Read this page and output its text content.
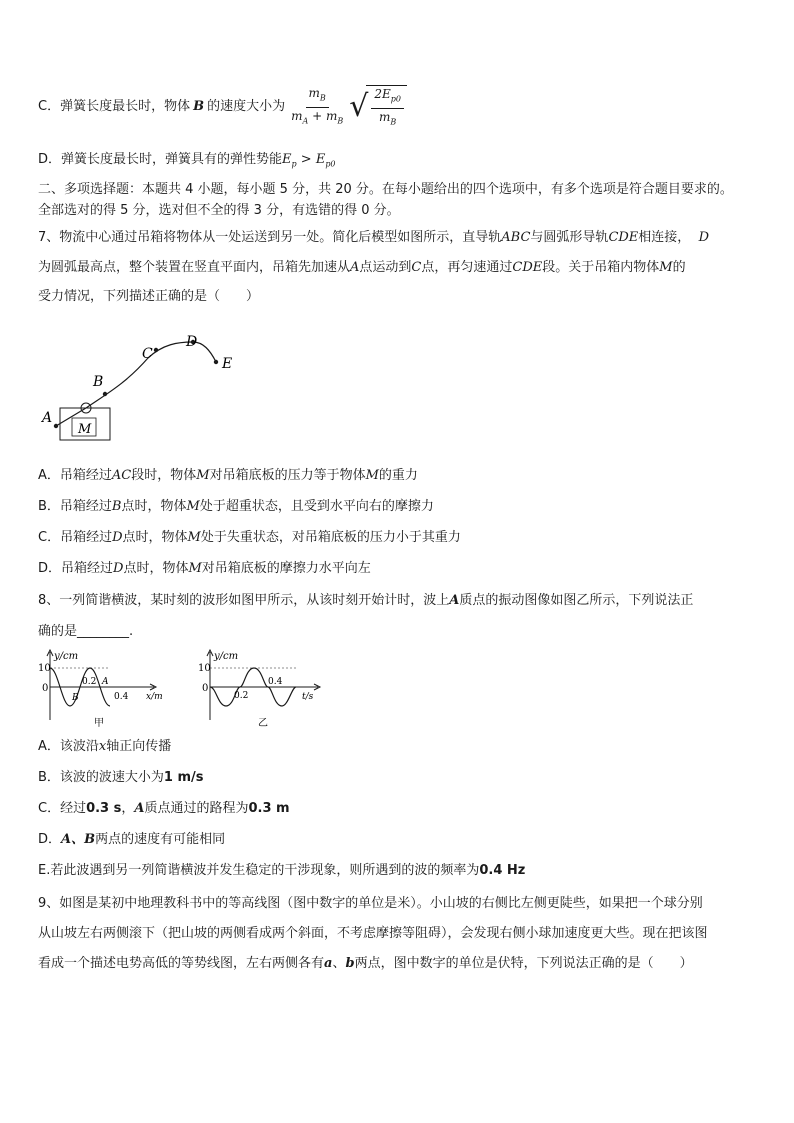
C．弹簧长度最长时，物体 B 的速度大小为 $\frac{m_B}{m_A + m_B}$ √ $\frac{2E_{p0}}{m_B}$
D．弹簧长度最长时，弹簧具有的弹性势能$E_p > E_{p0}$
二、多项选择题：本题共 4 小题，每小题 5 分，共 20 分。在每小题给出的四个选项中，有多个选项是符合题目要求的。
全部选对的得 5 分，选对但不全的得 3 分，有选错的得 0 分。
7、物流中心通过吊箱将物体从一处运送到另一处。简化后模型如图所示，直导轨ABC与圆弧形导轨CDE相连接， D
为圆弧最高点，整个装置在竖直平面内，吊箱先加速从A点运动到C点，再匀速通过CDE段。关于吊箱内物体M的
受力情况，下列描述正确的是（　　）
A
B
C
D
E
M
A．吊箱经过AC段时，物体M对吊箱底板的压力等于物体M的重力
B．吊箱经过B点时，物体M处于超重状态，且受到水平向右的摩擦力
C．吊箱经过D点时，物体M处于失重状态，对吊箱底板的压力小于其重力
D．吊箱经过D点时，物体M对吊箱底板的摩擦力水平向左
8、一列简谐横波，某时刻的波形如图甲所示，从该时刻开始计时，波上A质点的振动图像如图乙所示，下列说法正
确的是________.
y/cm
10
0
0.2 A
B	0.4 x/m
甲
y/cm
10
0
0.2
0.4
t/s
乙
A．该波沿x轴正向传播
B．该波的波速大小为1 m/s
C．经过0.3 s，A质点通过的路程为0.3 m
D．A、B两点的速度有可能相同
E.若此波遇到另一列简谐横波并发生稳定的干涉现象，则所遇到的波的频率为0.4 Hz
9、如图是某初中地理教科书中的等高线图（图中数字的单位是米）。小山坡的右侧比左侧更陡些，如果把一个球分别
从山坡左右两侧滚下（把山坡的两侧看成两个斜面，不考虑摩擦等阻碍），会发现右侧小球加速度更大些。现在把该图
看成一个描述电势高低的等势线图，左右两侧各有a、b两点，图中数字的单位是伏特，下列说法正确的是（　　）
